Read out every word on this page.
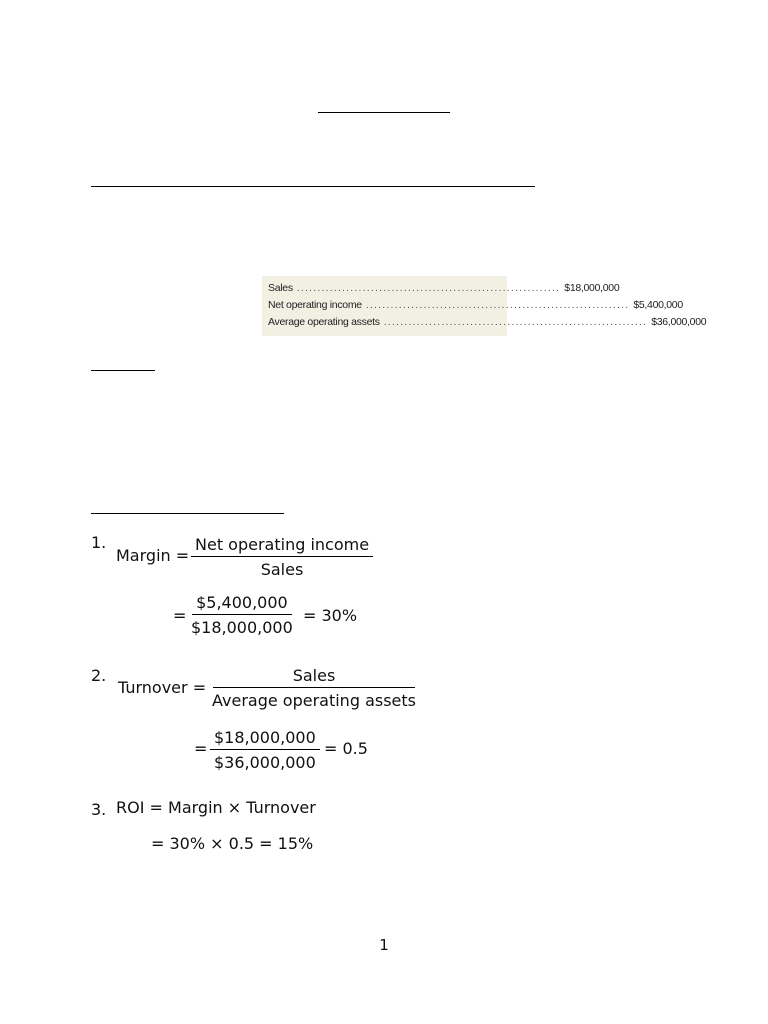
Sales ................................................................ $18,000,000
Net operating income ................................................................ $5,400,000
Average operating assets ................................................................ $36,000,000
1.
Margin =
Net operating income
Sales
= $\frac{\$5,400,000}{\$18,000,000} = 30\%$
2.
Turnover =
Sales
Average operating assets
= $\frac{\$18,000,000}{\$36,000,000} = 0.5$
3. ROI = Margin × Turnover
= 30% × 0.5 = 15%
1
